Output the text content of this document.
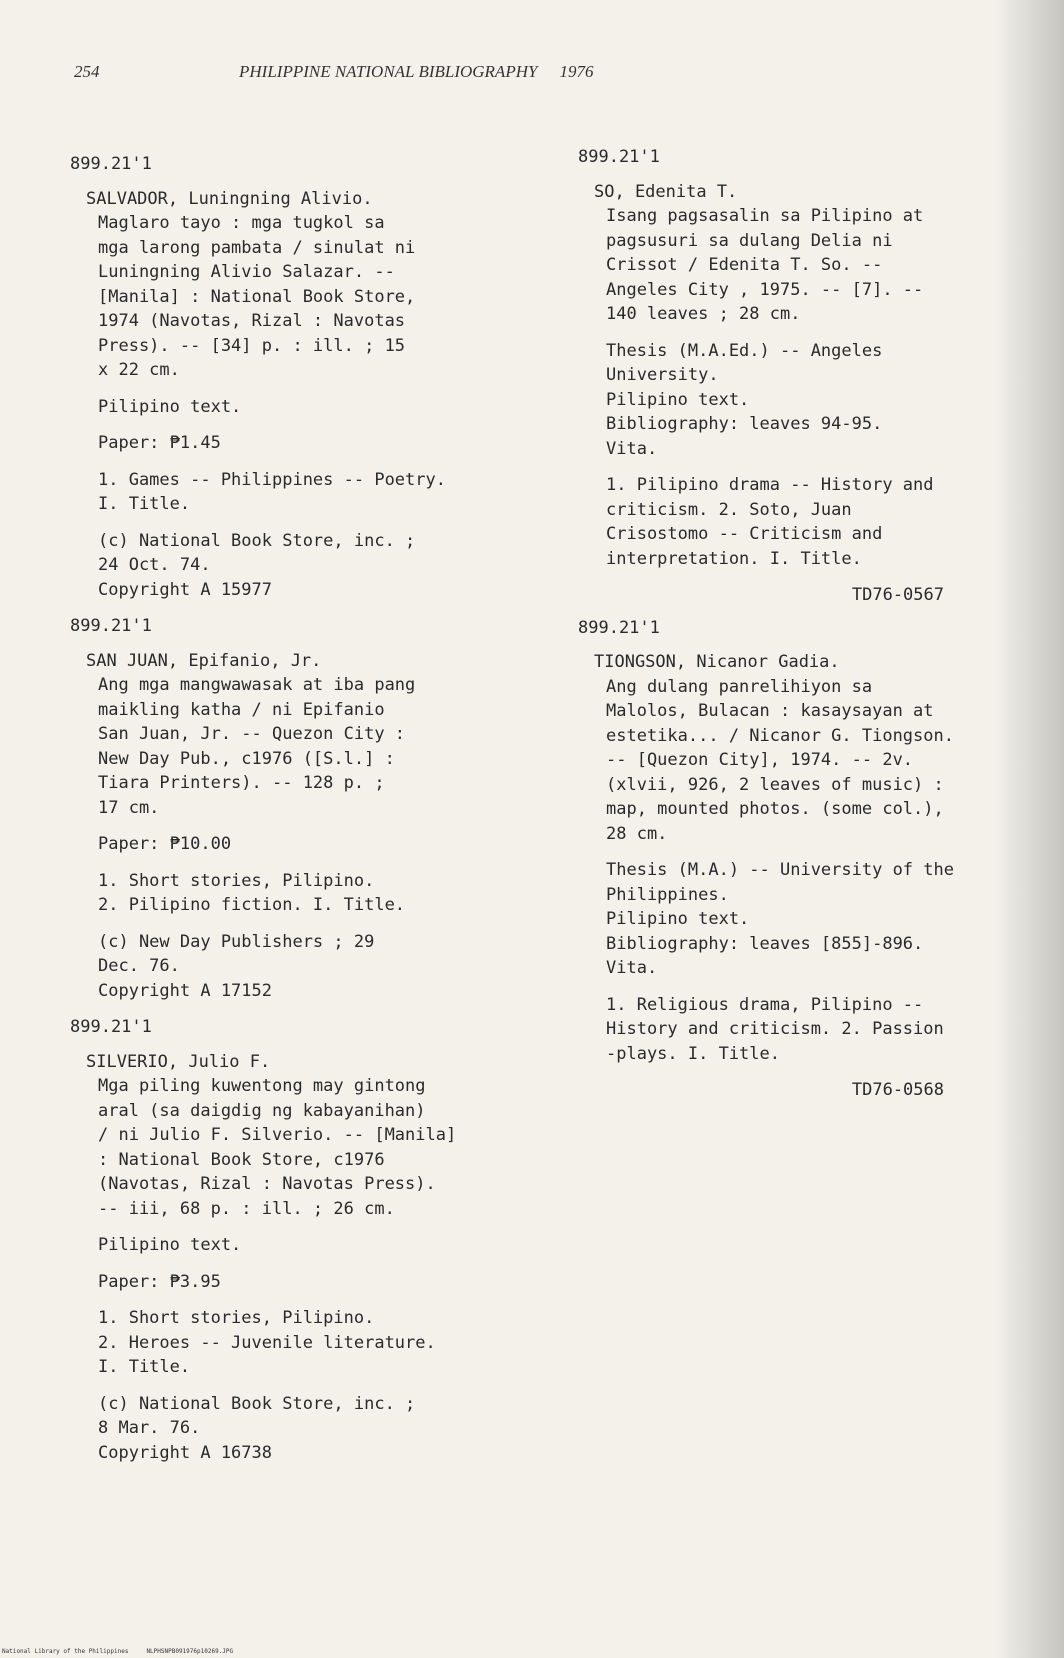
254	PHILIPPINE NATIONAL BIBLIOGRAPHY 1976
899.21'1
SALVADOR, Luningning Alivio.
Maglaro tayo : mga tugkol sa
mga larong pambata / sinulat ni
Luningning Alivio Salazar. --
[Manila] : National Book Store,
1974 (Navotas, Rizal : Navotas
Press). -- [34] p. : ill. ; 15
x 22 cm.
Pilipino text.
Paper: ₱1.45
1. Games -- Philippines -- Poetry.
I. Title.
(c) National Book Store, inc. ;
24 Oct. 74.
Copyright A 15977
899.21'1
SAN JUAN, Epifanio, Jr.
Ang mga mangwawasak at iba pang
maikling katha / ni Epifanio
San Juan, Jr. -- Quezon City :
New Day Pub., c1976 ([S.l.] :
Tiara Printers). -- 128 p. ;
17 cm.
Paper: ₱10.00
1. Short stories, Pilipino.
2. Pilipino fiction. I. Title.
(c) New Day Publishers ; 29
Dec. 76.
Copyright A 17152
899.21'1
SILVERIO, Julio F.
Mga piling kuwentong may gintong
aral (sa daigdig ng kabayanihan)
/ ni Julio F. Silverio. -- [Manila]
: National Book Store, c1976
(Navotas, Rizal : Navotas Press).
-- iii, 68 p. : ill. ; 26 cm.
Pilipino text.
Paper: ₱3.95
1. Short stories, Pilipino.
2. Heroes -- Juvenile literature.
I. Title.
(c) National Book Store, inc. ;
8 Mar. 76.
Copyright A 16738
899.21'1
SO, Edenita T.
Isang pagsasalin sa Pilipino at
pagsusuri sa dulang Delia ni
Crissot / Edenita T. So. --
Angeles City , 1975. -- [7]. --
140 leaves ; 28 cm.
Thesis (M.A.Ed.) -- Angeles
University.
Pilipino text.
Bibliography: leaves 94-95.
Vita.
1. Pilipino drama -- History and
criticism. 2. Soto, Juan
Crisostomo -- Criticism and
interpretation. I. Title.
TD76-0567
899.21'1
TIONGSON, Nicanor Gadia.
Ang dulang panrelihiyon sa
Malolos, Bulacan : kasaysayan at
estetika... / Nicanor G. Tiongson.
-- [Quezon City], 1974. -- 2v.
(xlvii, 926, 2 leaves of music) :
map, mounted photos. (some col.),
28 cm.
Thesis (M.A.) -- University of the
Philippines.
Pilipino text.
Bibliography: leaves [855]-896.
Vita.
1. Religious drama, Pilipino --
History and criticism. 2. Passion
-plays. I. Title.
TD76-0568
National Library of the Philippines	NLPHSNPB091976p10269.JPG
